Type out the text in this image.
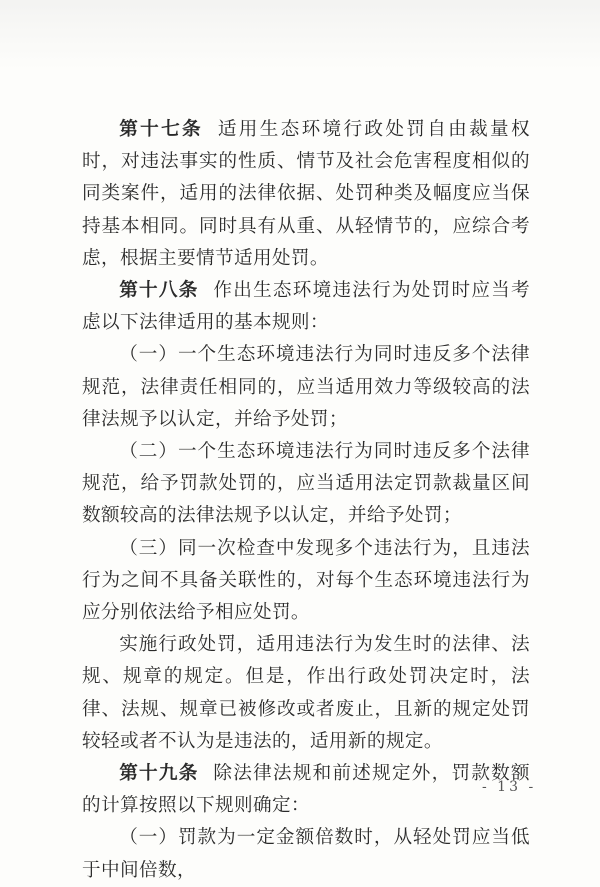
第十七条 适用生态环境行政处罚自由裁量权时，对违法事实的性质、情节及社会危害程度相似的同类案件，适用的法律依据、处罚种类及幅度应当保持基本相同。同时具有从重、从轻情节的，应综合考虑，根据主要情节适用处罚。

第十八条 作出生态环境违法行为处罚时应当考虑以下法律适用的基本规则：

（一）一个生态环境违法行为同时违反多个法律规范，法律责任相同的，应当适用效力等级较高的法律法规予以认定，并给予处罚；

（二）一个生态环境违法行为同时违反多个法律规范，给予罚款处罚的，应当适用法定罚款裁量区间数额较高的法律法规予以认定，并给予处罚；

（三）同一次检查中发现多个违法行为，且违法行为之间不具备关联性的，对每个生态环境违法行为应分别依法给予相应处罚。

实施行政处罚，适用违法行为发生时的法律、法规、规章的规定。但是，作出行政处罚决定时，法律、法规、规章已被修改或者废止，且新的规定处罚较轻或者不认为是违法的，适用新的规定。

第十九条 除法律法规和前述规定外，罚款数额的计算按照以下规则确定：

（一）罚款为一定金额倍数时，从轻处罚应当低于中间倍数，

- 13 -
